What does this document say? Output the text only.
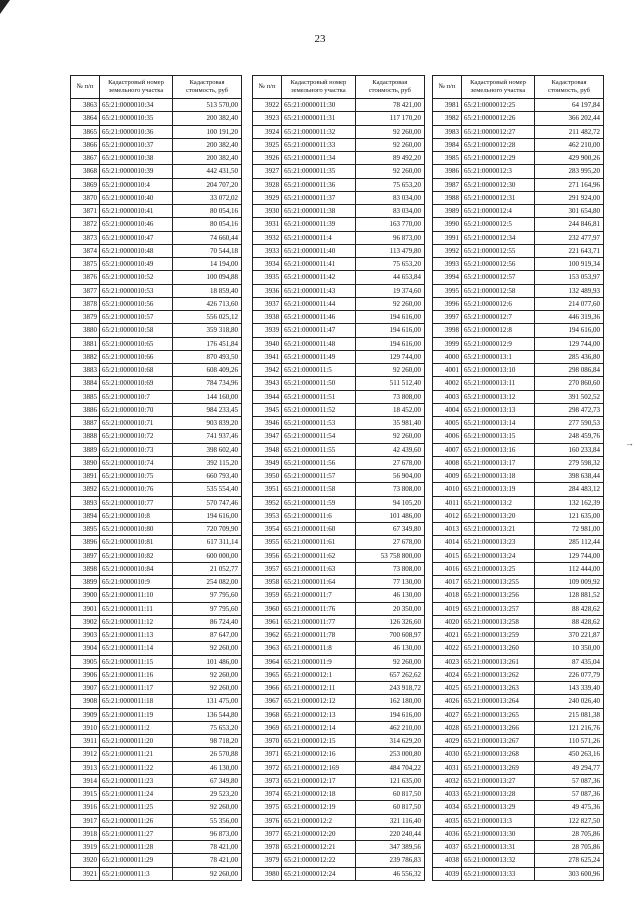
23
→
№ п/п	Кадастровый номер земельного участка	Кадастровая стоимость, руб
3863	65:21:0000010:34	513 570,00
3864	65:21:0000010:35	200 382,40
3865	65:21:0000010:36	100 191,20
3866	65:21:0000010:37	200 382,40
3867	65:21:0000010:38	200 382,40
3868	65:21:0000010:39	442 431,50
3869	65:21:0000010:4	204 707,20
3870	65:21:0000010:40	33 072,02
3871	65:21:0000010:41	80 054,16
3872	65:21:0000010:46	80 054,16
3873	65:21:0000010:47	74 660,44
3874	65:21:0000010:48	70 544,18
3875	65:21:0000010:49	14 194,00
3876	65:21:0000010:52	100 094,88
3877	65:21:0000010:53	18 859,40
3878	65:21:0000010:56	426 713,60
3879	65:21:0000010:57	556 025,12
3880	65:21:0000010:58	359 318,80
3881	65:21:0000010:65	176 451,84
3882	65:21:0000010:66	870 493,50
3883	65:21:0000010:68	608 409,26
3884	65:21:0000010:69	784 734,96
3885	65:21:0000010:7	144 160,00
3886	65:21:0000010:70	984 233,45
3887	65:21:0000010:71	903 839,20
3888	65:21:0000010:72	741 937,46
3889	65:21:0000010:73	398 602,40
3890	65:21:0000010:74	392 115,20
3891	65:21:0000010:75	660 793,40
3892	65:21:0000010:76	535 554,40
3893	65:21:0000010:77	570 747,46
3894	65:21:0000010:8	194 616,00
3895	65:21:0000010:80	720 709,90
3896	65:21:0000010:81	617 311,14
3897	65:21:0000010:82	600 000,00
3898	65:21:0000010:84	21 052,77
3899	65:21:0000010:9	254 082,00
3900	65:21:0000011:10	97 795,60
3901	65:21:0000011:11	97 795,60
3902	65:21:0000011:12	86 724,40
3903	65:21:0000011:13	87 647,00
3904	65:21:0000011:14	92 260,00
3905	65:21:0000011:15	101 486,00
3906	65:21:0000011:16	92 260,00
3907	65:21:0000011:17	92 260,00
3908	65:21:0000011:18	131 475,00
3909	65:21:0000011:19	136 544,80
3910	65:21:0000011:2	75 653,20
3911	65:21:0000011:20	98 718,20
3912	65:21:0000011:21	26 570,88
3913	65:21:0000011:22	46 130,00
3914	65:21:0000011:23	67 349,80
3915	65:21:0000011:24	29 523,20
3916	65:21:0000011:25	92 260,00
3917	65:21:0000011:26	55 356,00
3918	65:21:0000011:27	96 873,00
3919	65:21:0000011:28	78 421,00
3920	65:21:0000011:29	78 421,00
3921	65:21:0000011:3	92 260,00
№ п/п	Кадастровый номер земельного участка	Кадастровая стоимость, руб
3922	65:21:0000011:30	78 421,00
3923	65:21:0000011:31	117 170,20
3924	65:21:0000011:32	92 260,00
3925	65:21:0000011:33	92 260,00
3926	65:21:0000011:34	89 492,20
3927	65:21:0000011:35	92 260,00
3928	65:21:0000011:36	75 653,20
3929	65:21:0000011:37	83 034,00
3930	65:21:0000011:38	83 034,00
3931	65:21:0000011:39	163 770,00
3932	65:21:0000011:4	96 873,00
3933	65:21:0000011:40	113 479,80
3934	65:21:0000011:41	75 653,20
3935	65:21:0000011:42	44 653,84
3936	65:21:0000011:43	19 374,60
3937	65:21:0000011:44	92 260,00
3938	65:21:0000011:46	194 616,00
3939	65:21:0000011:47	194 616,00
3940	65:21:0000011:48	194 616,00
3941	65:21:0000011:49	129 744,00
3942	65:21:0000011:5	92 260,00
3943	65:21:0000011:50	511 512,40
3944	65:21:0000011:51	73 808,00
3945	65:21:0000011:52	18 452,00
3946	65:21:0000011:53	35 981,40
3947	65:21:0000011:54	92 260,00
3948	65:21:0000011:55	42 439,60
3949	65:21:0000011:56	27 678,00
3950	65:21:0000011:57	56 904,00
3951	65:21:0000011:58	73 808,00
3952	65:21:0000011:59	94 105,20
3953	65:21:0000011:6	101 486,00
3954	65:21:0000011:60	67 349,80
3955	65:21:0000011:61	27 678,00
3956	65:21:0000011:62	53 758 800,00
3957	65:21:0000011:63	73 808,00
3958	65:21:0000011:64	77 130,00
3959	65:21:0000011:7	46 130,00
3960	65:21:0000011:76	20 350,00
3961	65:21:0000011:77	126 326,60
3962	65:21:0000011:78	700 608,97
3963	65:21:0000011:8	46 130,00
3964	65:21:0000011:9	92 260,00
3965	65:21:0000012:1	657 262,62
3966	65:21:0000012:11	243 918,72
3967	65:21:0000012:12	162 180,00
3968	65:21:0000012:13	194 616,00
3969	65:21:0000012:14	462 210,00
3970	65:21:0000012:15	314 629,20
3971	65:21:0000012:16	253 000,80
3972	65:21:0000012:169	484 704,22
3973	65:21:0000012:17	121 635,00
3974	65:21:0000012:18	60 817,50
3975	65:21:0000012:19	60 817,50
3976	65:21:0000012:2	321 116,40
3977	65:21:0000012:20	220 240,44
3978	65:21:0000012:21	347 389,56
3979	65:21:0000012:22	239 786,83
3980	65:21:0000012:24	46 556,32
№ п/п	Кадастровый номер земельного участка	Кадастровая стоимость, руб
3981	65:21:0000012:25	64 197,84
3982	65:21:0000012:26	366 202,44
3983	65:21:0000012:27	211 482,72
3984	65:21:0000012:28	462 210,00
3985	65:21:0000012:29	429 900,26
3986	65:21:0000012:3	283 995,20
3987	65:21:0000012:30	271 164,96
3988	65:21:0000012:31	291 924,00
3989	65:21:0000012:4	301 654,80
3990	65:21:0000012:5	244 846,81
3991	65:21:0000012:34	232 477,97
3992	65:21:0000012:55	221 643,71
3993	65:21:0000012:56	100 919,34
3994	65:21:0000012:57	153 053,97
3995	65:21:0000012:58	132 489,93
3996	65:21:0000012:6	214 077,60
3997	65:21:0000012:7	446 319,36
3998	65:21:0000012:8	194 616,00
3999	65:21:0000012:9	129 744,00
4000	65:21:0000013:1	285 436,80
4001	65:21:0000013:10	298 086,84
4002	65:21:0000013:11	270 860,60
4003	65:21:0000013:12	391 502,52
4004	65:21:0000013:13	298 472,73
4005	65:21:0000013:14	277 590,53
4006	65:21:0000013:15	248 459,76
4007	65:21:0000013:16	160 233,84
4008	65:21:0000013:17	279 598,32
4009	65:21:0000013:18	398 638,44
4010	65:21:0000013:19	284 483,12
4011	65:21:0000013:2	132 162,39
4012	65:21:0000013:20	121 635,00
4013	65:21:0000013:21	72 981,00
4014	65:21:0000013:23	285 112,44
4015	65:21:0000013:24	129 744,00
4016	65:21:0000013:25	112 444,00
4017	65:21:0000013:255	109 009,92
4018	65:21:0000013:256	128 881,52
4019	65:21:0000013:257	88 428,62
4020	65:21:0000013:258	88 428,62
4021	65:21:0000013:259	370 221,87
4022	65:21:0000013:260	10 350,00
4023	65:21:0000013:261	87 435,04
4024	65:21:0000013:262	226 077,79
4025	65:21:0000013:263	143 339,40
4026	65:21:0000013:264	240 026,40
4027	65:21:0000013:265	215 081,38
4028	65:21:0000013:266	121 216,76
4029	65:21:0000013:267	110 571,26
4030	65:21:0000013:268	450 263,16
4031	65:21:0000013:269	49 294,77
4032	65:21:0000013:27	57 087,36
4033	65:21:0000013:28	57 087,36
4034	65:21:0000013:29	49 475,36
4035	65:21:0000013:3	122 827,50
4036	65:21:0000013:30	28 705,86
4037	65:21:0000013:31	28 705,86
4038	65:21:0000013:32	278 625,24
4039	65:21:0000013:33	303 600,96
